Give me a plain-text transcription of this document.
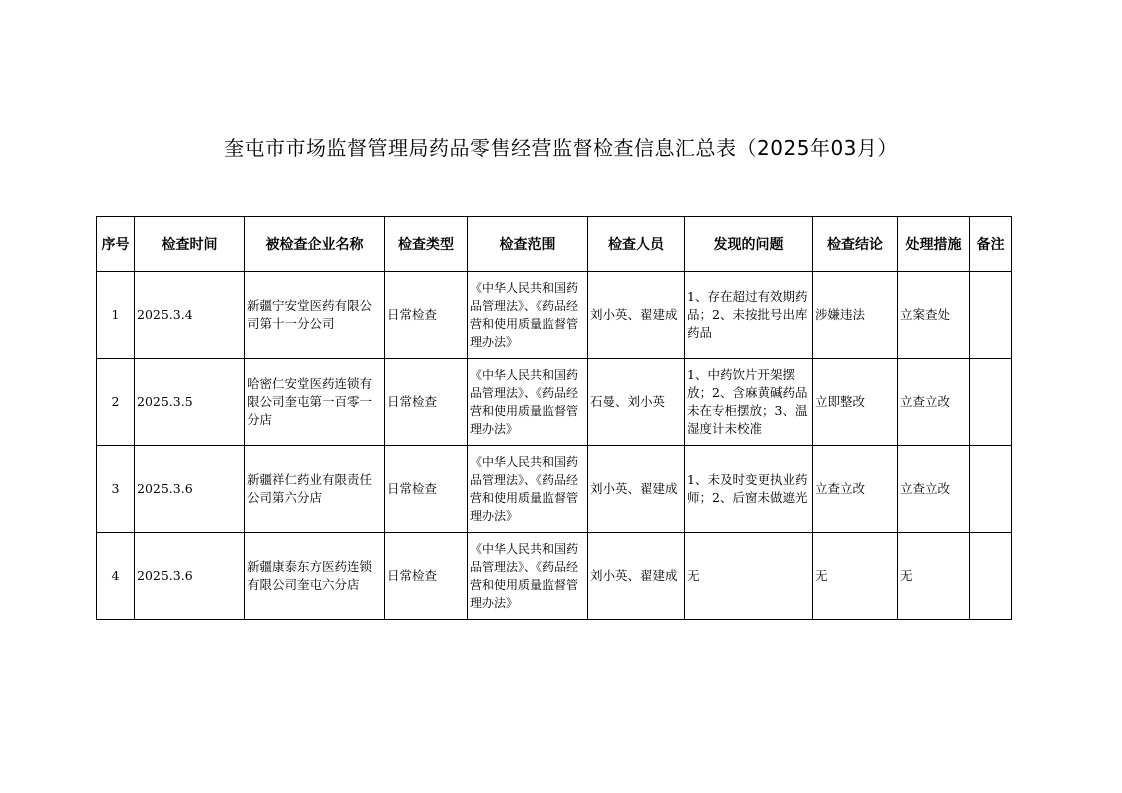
奎屯市市场监督管理局药品零售经营监督检查信息汇总表（2025年03月）
序号	检查时间	被检查企业名称	检查类型	检查范围	检查人员	发现的问题	检查结论	处理措施	备注
1	2025.3.4	新疆宁安堂医药有限公司第十一分公司	日常检查	《中华人民共和国药品管理法》、《药品经营和使用质量监督管理办法》	刘小英、翟建成	1、存在超过有效期药品；2、未按批号出库药品	涉嫌违法	立案查处	
2	2025.3.5	哈密仁安堂医药连锁有限公司奎屯第一百零一分店	日常检查	《中华人民共和国药品管理法》、《药品经营和使用质量监督管理办法》	石曼、刘小英	1、中药饮片开架摆放；2、含麻黄碱药品未在专柜摆放；3、温湿度计未校准	立即整改	立查立改	
3	2025.3.6	新疆祥仁药业有限责任公司第六分店	日常检查	《中华人民共和国药品管理法》、《药品经营和使用质量监督管理办法》	刘小英、翟建成	1、未及时变更执业药师；2、后窗未做遮光	立查立改	立查立改	
4	2025.3.6	新疆康泰东方医药连锁有限公司奎屯六分店	日常检查	《中华人民共和国药品管理法》、《药品经营和使用质量监督管理办法》	刘小英、翟建成	无	无	无	
